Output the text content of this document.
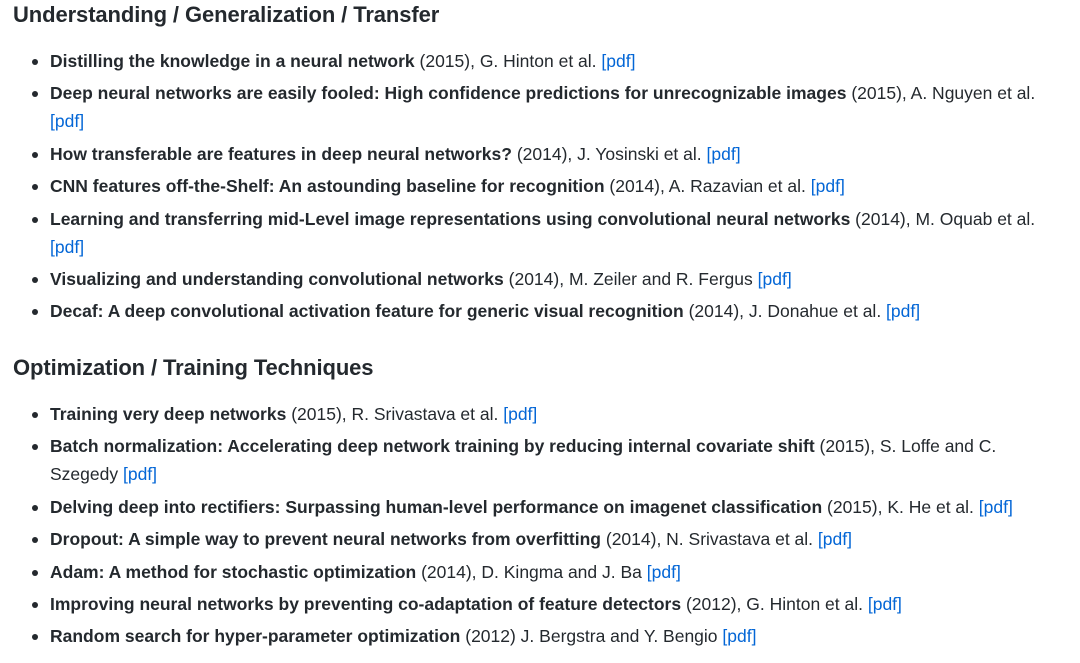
Understanding / Generalization / Transfer
Distilling the knowledge in a neural network (2015), G. Hinton et al. [pdf]
Deep neural networks are easily fooled: High confidence predictions for unrecognizable images (2015), A. Nguyen et al. [pdf]
How transferable are features in deep neural networks? (2014), J. Yosinski et al. [pdf]
CNN features off-the-Shelf: An astounding baseline for recognition (2014), A. Razavian et al. [pdf]
Learning and transferring mid-Level image representations using convolutional neural networks (2014), M. Oquab et al. [pdf]
Visualizing and understanding convolutional networks (2014), M. Zeiler and R. Fergus [pdf]
Decaf: A deep convolutional activation feature for generic visual recognition (2014), J. Donahue et al. [pdf]
Optimization / Training Techniques
Training very deep networks (2015), R. Srivastava et al. [pdf]
Batch normalization: Accelerating deep network training by reducing internal covariate shift (2015), S. Loffe and C. Szegedy [pdf]
Delving deep into rectifiers: Surpassing human-level performance on imagenet classification (2015), K. He et al. [pdf]
Dropout: A simple way to prevent neural networks from overfitting (2014), N. Srivastava et al. [pdf]
Adam: A method for stochastic optimization (2014), D. Kingma and J. Ba [pdf]
Improving neural networks by preventing co-adaptation of feature detectors (2012), G. Hinton et al. [pdf]
Random search for hyper-parameter optimization (2012) J. Bergstra and Y. Bengio [pdf]
